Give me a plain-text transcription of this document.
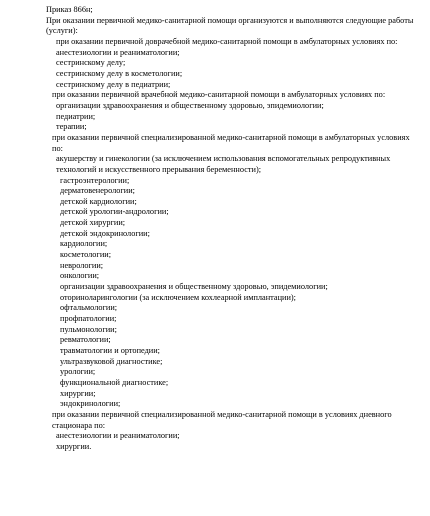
Приказ 866н;
При оказании первичной медико-санитарной помощи организуются и выполняются следующие работы (услуги):
при оказании первичной доврачебной медико-санитарной помощи в амбулаторных условиях по:
анестезиологии и реаниматологии;
сестринскому делу;
сестринскому делу в косметологии;
сестринскому делу в педиатрии;
при оказании первичной врачебной медико-санитарной помощи в амбулаторных условиях по:
организации здравоохранения и общественному здоровью, эпидемиологии;
педиатрии;
терапии;
при оказании первичной специализированной медико-санитарной помощи в амбулаторных условиях по:
акушерству и гинекологии (за исключением использования вспомогательных репродуктивных технологий и искусственного прерывания беременности);
гастроэнтерологии;
дерматовенерологии;
детской кардиологии;
детской урологии-андрологии;
детской хирургии;
детской эндокринологии;
кардиологии;
косметологии;
неврологии;
онкологии;
организации здравоохранения и общественному здоровью, эпидемиологии;
оториноларингологии (за исключением кохлеарной имплантации);
офтальмологии;
профпатологии;
пульмонологии;
ревматологии;
травматологии и ортопедии;
ультразвуковой диагностике;
урологии;
функциональной диагностике;
хирургии;
эндокринологии;
при оказании первичной специализированной медико-санитарной помощи в условиях дневного стационара по:
анестезиологии и реаниматологии;
хирургии.
